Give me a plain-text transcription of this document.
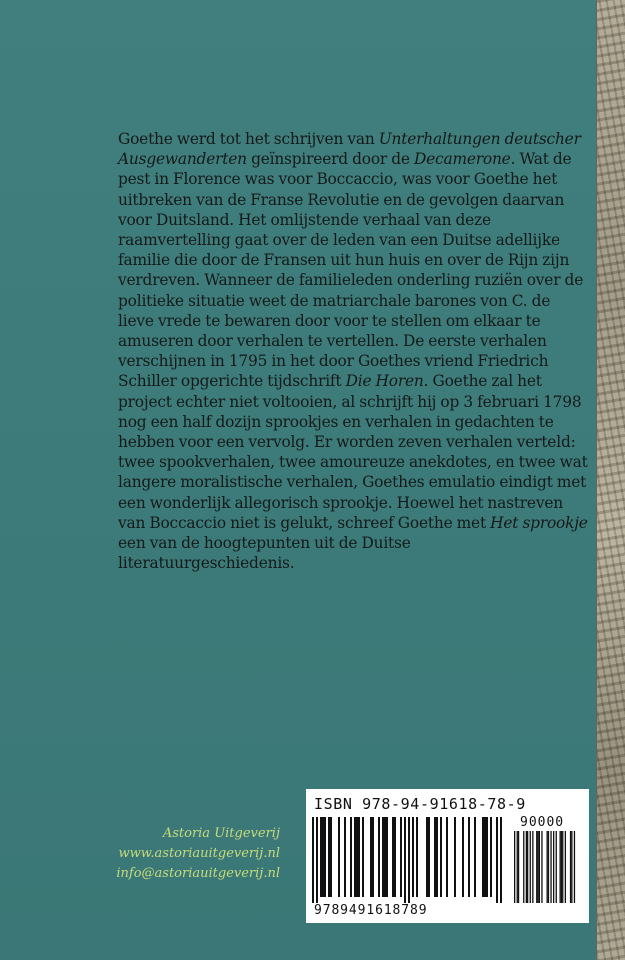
Goethe werd tot het schrijven van Unterhaltungen deutscher Ausgewanderten geïnspireerd door de Decamerone. Wat de pest in Florence was voor Boccaccio, was voor Goethe het uitbreken van de Franse Revolutie en de gevolgen daarvan voor Duitsland. Het omlijstende verhaal van deze raamvertelling gaat over de leden van een Duitse adellijke familie die door de Fransen uit hun huis en over de Rijn zijn verdreven. Wanneer de familieleden onderling ruziën over de politieke situatie weet de matriarchale barones von C. de lieve vrede te bewaren door voor te stellen om elkaar te amuseren door verhalen te vertellen. De eerste verhalen verschijnen in 1795 in het door Goethes vriend Friedrich Schiller opgerichte tijdschrift Die Horen. Goethe zal het project echter niet voltooien, al schrijft hij op 3 februari 1798 nog een half dozijn sprookjes en verhalen in gedachten te hebben voor een vervolg. Er worden zeven verhalen verteld: twee spookverhalen, twee amoureuze anekdotes, en twee wat langere moralistische verhalen, Goethes emulatio eindigt met een wonderlijk allegorisch sprookje. Hoewel het nastreven van Boccaccio niet is gelukt, schreef Goethe met Het sprookje een van de hoogtepunten uit de Duitse literatuurgeschiedenis.

Astoria Uitgeverij
www.astoriauitgeverij.nl
info@astoriauitgeverij.nl
ISBN 978-94-91618-78-9
90000
9789491618789
